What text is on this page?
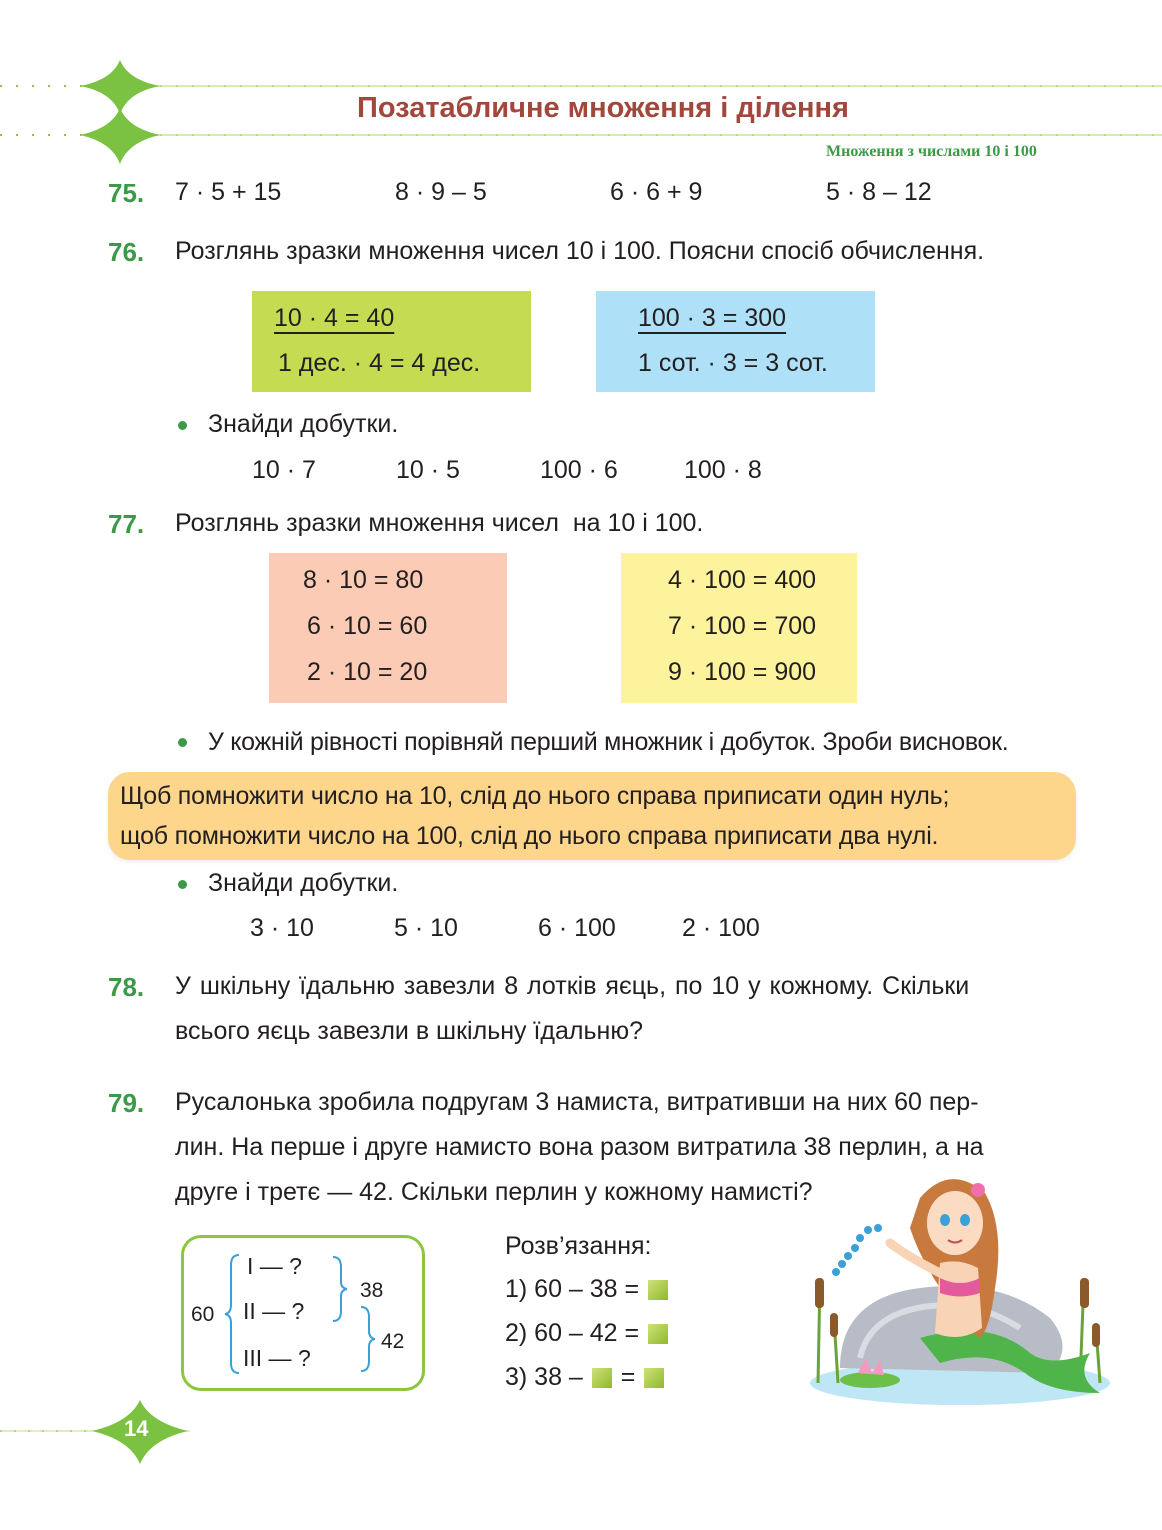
Позатабличне множення і ділення
Множення з числами 10 і 100
75. 7 · 5 + 15	8 · 9 – 5	6 · 6 + 9	5 · 8 – 12
76. Розглянь зразки множення чисел 10 і 100. Поясни спосіб обчислення.
10 · 4 = 40
1 дес. · 4 = 4 дес.
100 · 3 = 300
1 сот. · 3 = 3 сот.
Знайди добутки.
10 · 7	10 · 5	100 · 6	100 · 8
77. Розглянь зразки множення чисел  на 10 і 100.
8 · 10 = 80
6 · 10 = 60
2 · 10 = 20
4 · 100 = 400
7 · 100 = 700
9 · 100 = 900
У кожній рівності порівняй перший множник і добуток. Зроби висновок.
Щоб помножити число на 10, слід до нього справа приписати один нуль;
щоб помножити число на 100, слід до нього справа приписати два нулі.
Знайди добутки.
3 · 10	5 · 10	6 · 100	2 · 100
78. У шкільну їдальню завезли 8 лотків яєць, по 10 у кожному. Скільки
всього яєць завезли в шкільну їдальню?
79. Русалонька зробила подругам 3 намиста, витративши на них 60 пер-
лин. На перше і друге намисто вона разом витратила 38 перлин, а на
друге і третє — 42. Скільки перлин у кожному намисті?
60
I — ?
II — ?
III — ?
38
42
Розв’язання:
1) 60 – 38 =
2) 60 – 42 =
3) 38 – =
14
